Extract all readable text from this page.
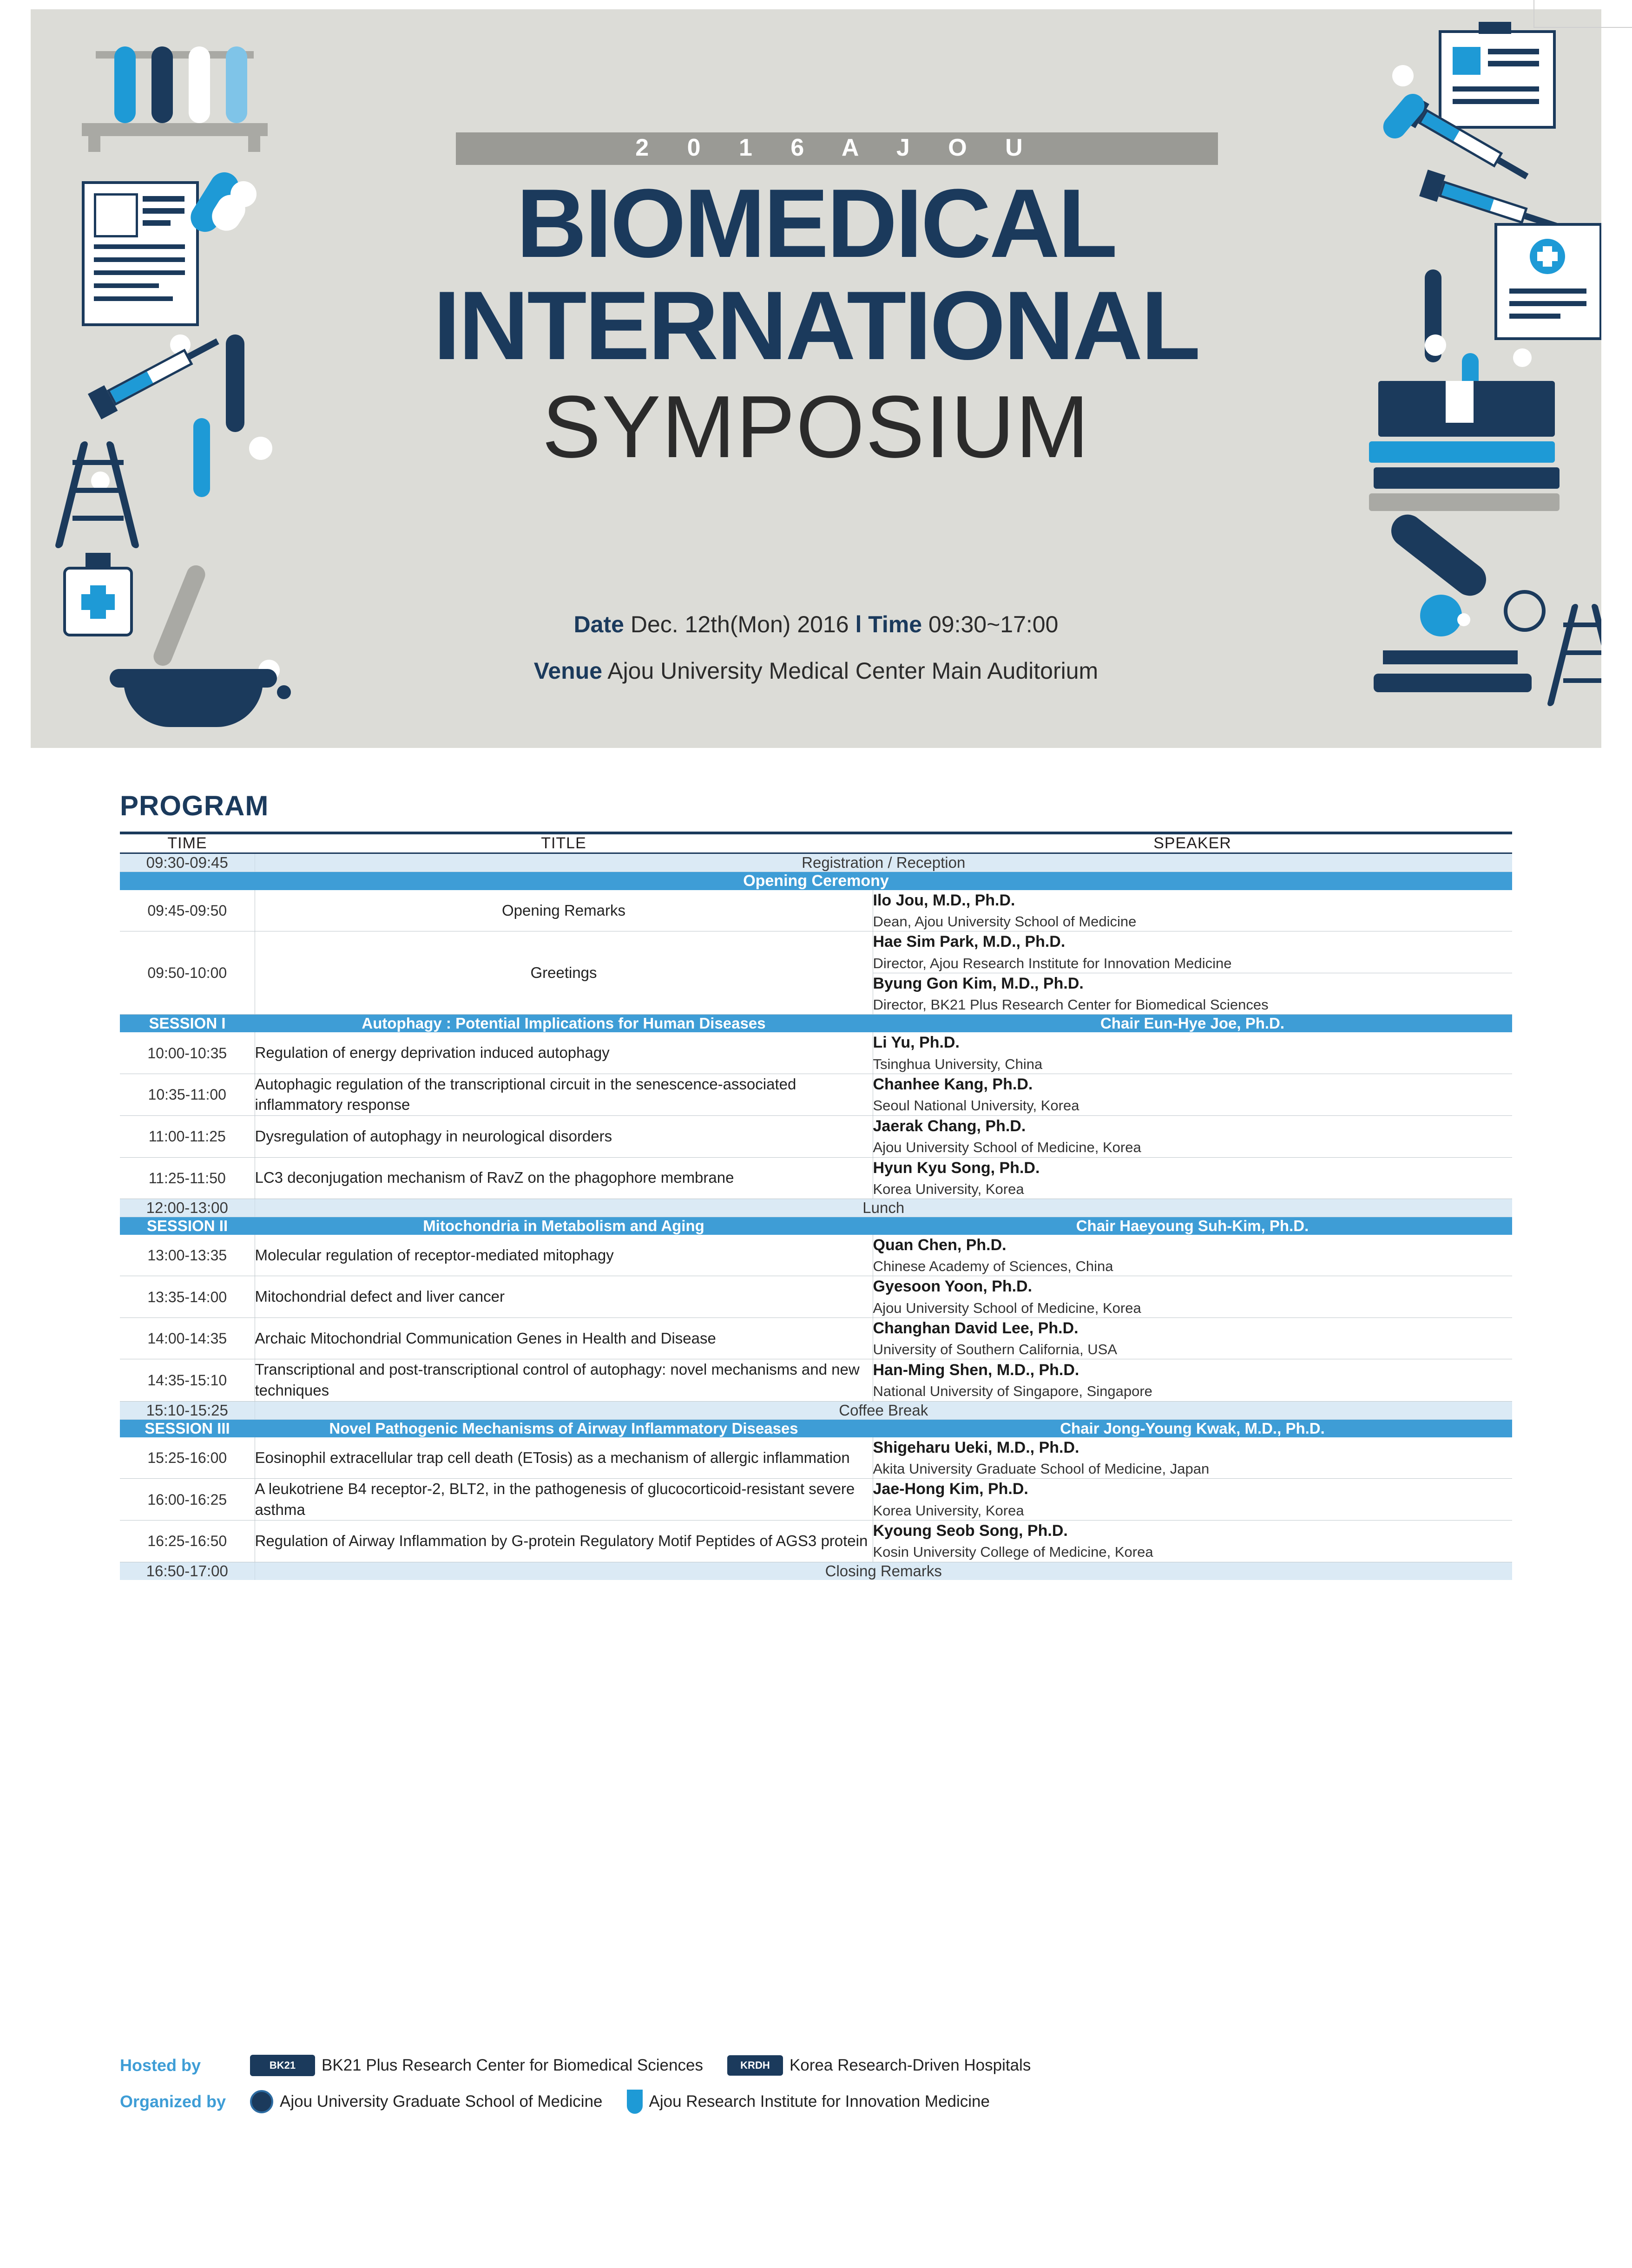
2 0 1 6 A J O U
BIOMEDICAL
INTERNATIONAL
SYMPOSIUM
Date Dec. 12th(Mon) 2016 l Time 09:30~17:00
Venue Ajou University Medical Center Main Auditorium
PROGRAM
TIME	TITLE	SPEAKER
09:30-09:45	Registration / Reception	
Opening Ceremony		
09:45-09:50	Opening Remarks	Ilo Jou, M.D., Ph.D.
Dean, Ajou University School of Medicine

09:50-10:00	Greetings	Hae Sim Park, M.D., Ph.D.
Director, Ajou Research Institute for Innovation Medicine

		Byung Gon Kim, M.D., Ph.D.
Director, BK21 Plus Research Center for Biomedical Sciences

SESSION I	Autophagy : Potential Implications for Human Diseases	Chair Eun-Hye Joe, Ph.D.
10:00-10:35	Regulation of energy deprivation induced autophagy	Li Yu, Ph.D.
Tsinghua University, China

10:35-11:00	Autophagic regulation of the transcriptional circuit in the senescence-associated inflammatory response	Chanhee Kang, Ph.D.
Seoul National University, Korea

11:00-11:25	Dysregulation of autophagy in neurological disorders	Jaerak Chang, Ph.D.
Ajou University School of Medicine, Korea

11:25-11:50	LC3 deconjugation mechanism of RavZ on the phagophore membrane	Hyun Kyu Song, Ph.D.
Korea University, Korea

12:00-13:00	Lunch	
SESSION II	Mitochondria in Metabolism and Aging	Chair Haeyoung Suh-Kim, Ph.D.
13:00-13:35	Molecular regulation of receptor-mediated mitophagy	Quan Chen, Ph.D.
Chinese Academy of Sciences, China

13:35-14:00	Mitochondrial defect and liver cancer	Gyesoon Yoon, Ph.D.
Ajou University School of Medicine, Korea

14:00-14:35	Archaic Mitochondrial Communication Genes in Health and Disease	Changhan David Lee, Ph.D.
University of Southern California, USA

14:35-15:10	Transcriptional and post-transcriptional control of autophagy: novel mechanisms and new techniques	Han-Ming Shen, M.D., Ph.D.
National University of Singapore, Singapore

15:10-15:25	Coffee Break	
SESSION III	Novel Pathogenic Mechanisms of Airway Inflammatory Diseases	Chair Jong-Young Kwak, M.D., Ph.D.
15:25-16:00	Eosinophil extracellular trap cell death (ETosis) as a mechanism of allergic inflammation	Shigeharu Ueki, M.D., Ph.D.
Akita University Graduate School of Medicine, Japan

16:00-16:25	A leukotriene B4 receptor-2, BLT2, in the pathogenesis of glucocorticoid-resistant severe asthma	Jae-Hong Kim, Ph.D.
Korea University, Korea

16:25-16:50	Regulation of Airway Inflammation by G-protein Regulatory Motif Peptides of AGS3 protein	Kyoung Seob Song, Ph.D.
Kosin University College of Medicine, Korea

16:50-17:00	Closing Remarks	
Hosted by	BK21	BK21 Plus Research Center for Biomedical Sciences	KRDH	Korea Research-Driven Hospitals
Organized by	Ajou University Graduate School of Medicine	Ajou Research Institute for Innovation Medicine
